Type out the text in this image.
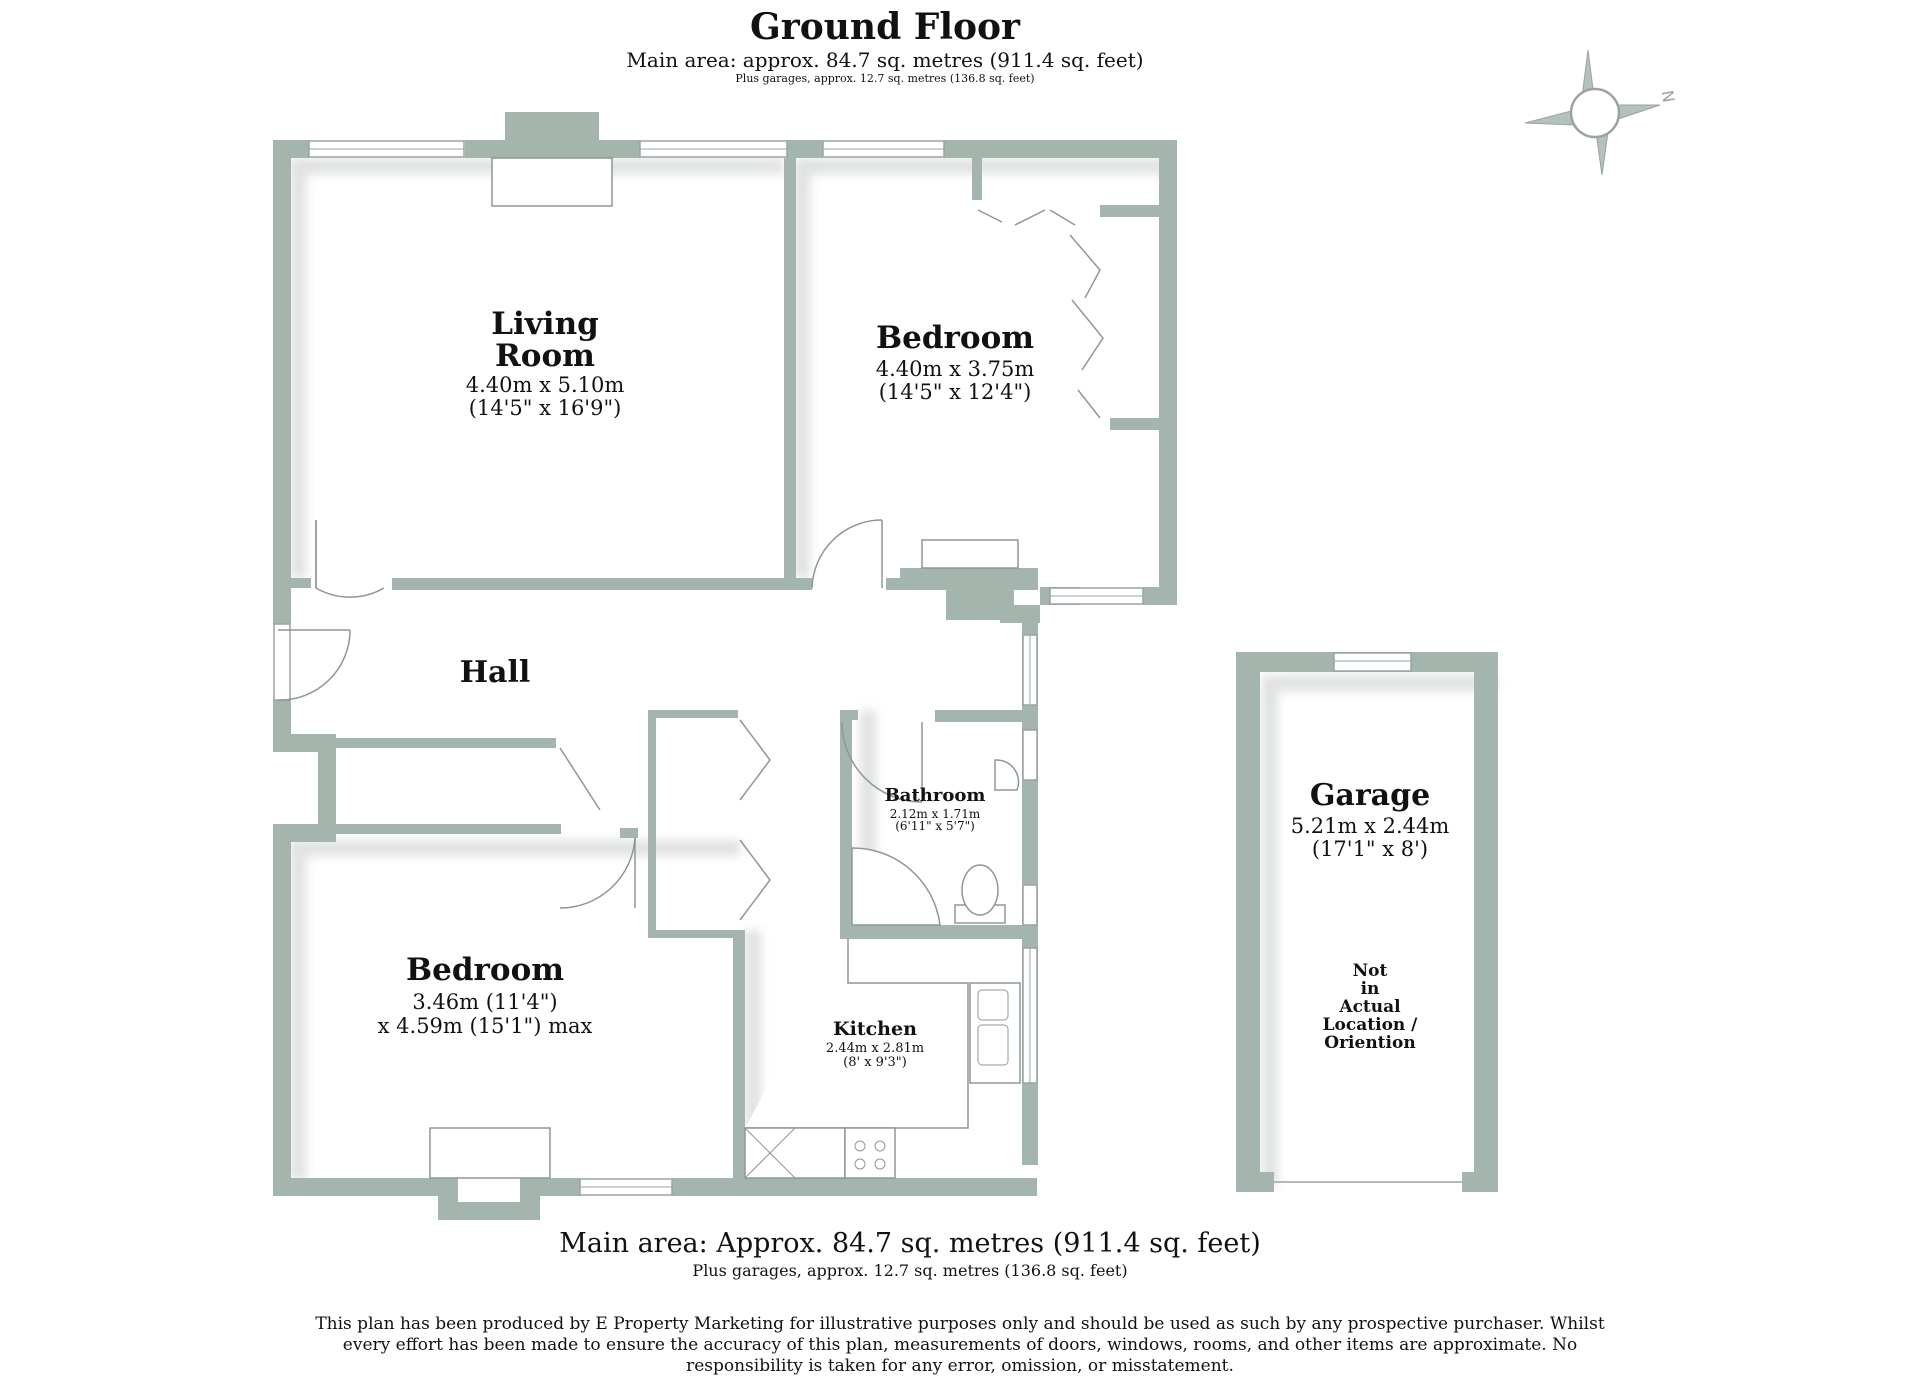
N
Ground Floor
Main area: approx. 84.7 sq. metres (911.4 sq. feet)
Plus garages, approx. 12.7 sq. metres (136.8 sq. feet)
Living
Room
4.40m x 5.10m
(14'5" x 16'9")
Bedroom
4.40m x 3.75m
(14'5" x 12'4")
Hall
Bathroom
2.12m x 1.71m
(6'11" x 5'7")
Bedroom
3.46m (11'4")
x 4.59m (15'1") max	Kitchen
2.44m x 2.81m
(8' x 9'3")
Garage
5.21m x 2.44m
(17'1" x 8')
Not
in
Actual
Location /
Oriention
Main area: Approx. 84.7 sq. metres (911.4 sq. feet)
Plus garages, approx. 12.7 sq. metres (136.8 sq. feet)
This plan has been produced by E Property Marketing for illustrative purposes only and should be used as such by any prospective purchaser. Whilst
every effort has been made to ensure the accuracy of this plan, measurements of doors, windows, rooms, and other items are approximate. No
responsibility is taken for any error, omission, or misstatement.
